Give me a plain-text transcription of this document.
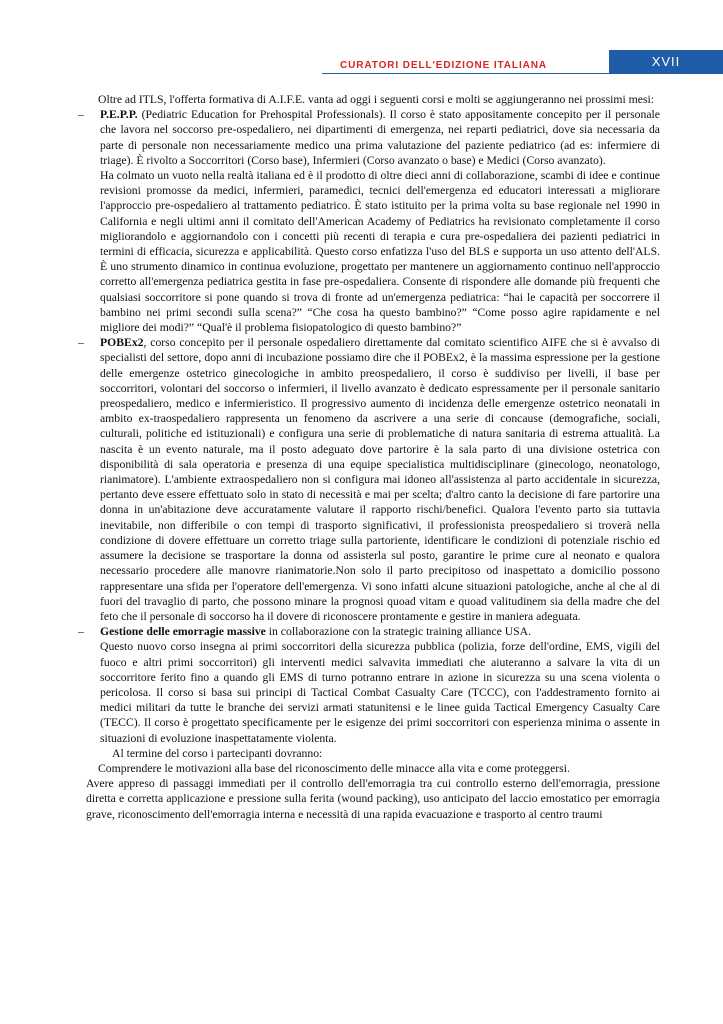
CURATORI DELL'EDIZIONE ITALIANA	XVII

Oltre ad ITLS, l'offerta formativa di A.I.F.E. vanta ad oggi i seguenti corsi e molti se aggiungeranno nei prossimi mesi:

– P.E.P.P. (Pediatric Education for Prehospital Professionals). Il corso è stato appositamente concepito per il personale che lavora nel soccorso pre-ospedaliero, nei dipartimenti di emergenza, nei reparti pediatrici, dove sia necessaria da parte di personale non necessariamente medico una prima valutazione del paziente pediatrico (ad es: infermiere di triage). È rivolto a Soccorritori (Corso base), Infermieri (Corso avanzato o base) e Medici (Corso avanzato).

Ha colmato un vuoto nella realtà italiana ed è il prodotto di oltre dieci anni di collaborazione, scambi di idee e continue revisioni promosse da medici, infermieri, paramedici, tecnici dell'emergenza ed educatori interessati a migliorare l'approccio pre-ospedaliero al trattamento pediatrico. È stato istituito per la prima volta su base regionale nel 1990 in California e negli ultimi anni il comitato dell'American Academy of Pediatrics ha revisionato completamente il corso migliorandolo e aggiornandolo con i concetti più recenti di terapia e cura pre-ospedaliera dei pazienti pediatrici in termini di efficacia, sicurezza e applicabilità. Questo corso enfatizza l'uso del BLS e supporta un uso attento dell'ALS. È uno strumento dinamico in continua evoluzione, progettato per mantenere un aggiornamento continuo nell'approccio corretto all'emergenza pediatrica gestita in fase pre-ospedaliera. Consente di rispondere alle domande più frequenti che qualsiasi soccorritore si pone quando si trova di fronte ad un'emergenza pediatrica: “hai le capacità per soccorrere il bambino nei primi secondi sulla scena?” “Che cosa ha questo bambino?” “Come posso agire rapidamente e nel migliore dei modi?” “Qual'è il problema fisiopatologico di questo bambino?”

– POBEx2, corso concepito per il personale ospedaliero direttamente dal comitato scientifico AIFE che si è avvalso di specialisti del settore, dopo anni di incubazione possiamo dire che il POBEx2, è la massima espressione per la gestione delle emergenze ostetrico ginecologiche in ambito preospedaliero, il corso è suddiviso per livelli, il base per soccorritori, volontari del soccorso o infermieri, il livello avanzato è dedicato espressamente per il personale sanitario preospedaliero, medico e infermieristico. Il progressivo aumento di incidenza delle emergenze ostetrico neonatali in ambito ex-traospedaliero rappresenta un fenomeno da ascrivere a una serie di concause (demografiche, sociali, culturali, politiche ed istituzionali) e configura una serie di problematiche di natura sanitaria di estrema attualità. La nascita è un evento naturale, ma il posto adeguato dove partorire è la sala parto di una divisione ostetrica con disponibilità di sala operatoria e presenza di una equipe specialistica multidisciplinare (ginecologo, neonatologo, rianimatore). L'ambiente extraospedaliero non si configura mai idoneo all'assistenza al parto accidentale in sicurezza, pertanto deve essere effettuato solo in stato di necessità e mai per scelta; d'altro canto la decisione di fare partorire una donna in un'abitazione deve accuratamente valutare il rapporto rischi/benefici. Qualora l'evento parto sia tuttavia inevitabile, non differibile o con tempi di trasporto significativi, il professionista preospedaliero si troverà nella condizione di dovere effettuare un corretto triage sulla partoriente, identificare le condizioni di potenziale rischio ed assumere la decisione se trasportare la donna od assisterla sul posto, garantire le prime cure al neonato e qualora necessario procedere alle manovre rianimatorie.Non solo il parto precipitoso od inaspettato a domicilio possono rappresentare una sfida per l'operatore dell'emergenza. Vi sono infatti alcune situazioni patologiche, anche al che al di fuori del travaglio di parto, che possono minare la prognosi quoad vitam e quoad valitudinem sia della madre che del feto che il personale di soccorso ha il dovere di riconoscere prontamente e gestire in maniera adeguata.

– Gestione delle emorragie massive in collaborazione con la strategic training alliance USA.

Questo nuovo corso insegna ai primi soccorritori della sicurezza pubblica (polizia, forze dell'ordine, EMS, vigili del fuoco e altri primi soccorritori) gli interventi medici salvavita immediati che aiuteranno a salvare la vita di un soccorritore ferito fino a quando gli EMS di turno potranno entrare in azione in sicurezza su una scena violenta o pericolosa. Il corso si basa sui principi di Tactical Combat Casualty Care (TCCC), con l'addestramento fornito ai medici militari da tutte le branche dei servizi armati statunitensi e le linee guida Tactical Emergency Casualty Care (TECC). Il corso è progettato specificamente per le esigenze dei primi soccorritori con esperienza minima o assente in situazioni di evoluzione inaspettatamente violenta.

Al termine del corso i partecipanti dovranno:

Comprendere le motivazioni alla base del riconoscimento delle minacce alla vita e come proteggersi.

Avere appreso di passaggi immediati per il controllo dell'emorragia tra cui controllo esterno dell'emorragia, pressione diretta e corretta applicazione e pressione sulla ferita (wound packing), uso anticipato del laccio emostatico per emorragia grave, riconoscimento dell'emorragia interna e necessità di una rapida evacuazione e trasporto al centro traumi
